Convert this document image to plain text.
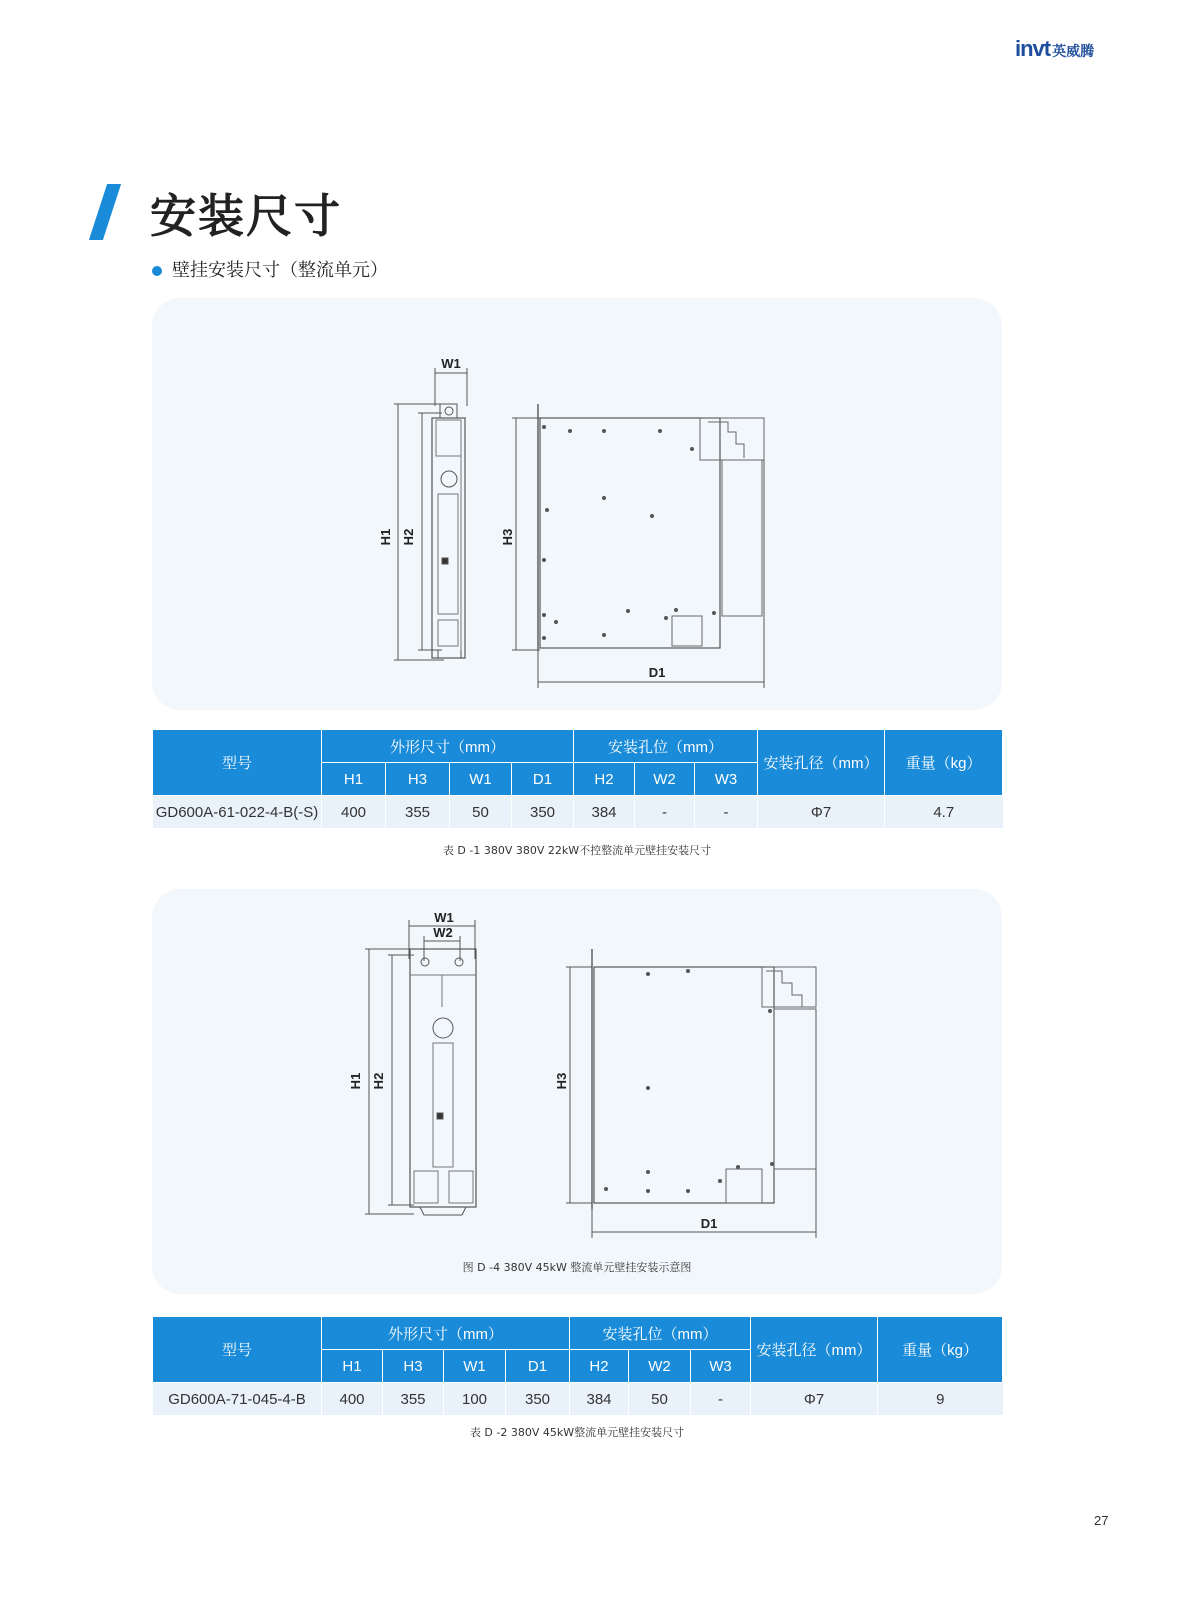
invt 英威腾
安装尺寸
壁挂安装尺寸（整流单元）
W1
H1 H2	H3
D1
型号	外形尺寸（mm）				安装孔位（mm）			安装孔径（mm）	重量（kg）
	H1	H3	W1	D1	H2	W2	W3		
GD600A-61-022-4-B(-S)	400	355	50	350	384	-	-	Φ7	4.7
表 D -1 380V 380V 22kW不控整流单元壁挂安装尺寸
W1
W2
H1 H2	H3
D1
图 D -4 380V 45kW 整流单元壁挂安装示意图
型号	外形尺寸（mm）				安装孔位（mm）			安装孔径（mm）	重量（kg）
	H1	H3	W1	D1	H2	W2	W3		
GD600A-71-045-4-B	400	355	100	350	384	50	-	Φ7	9
表 D -2 380V 45kW整流单元壁挂安装尺寸
27
